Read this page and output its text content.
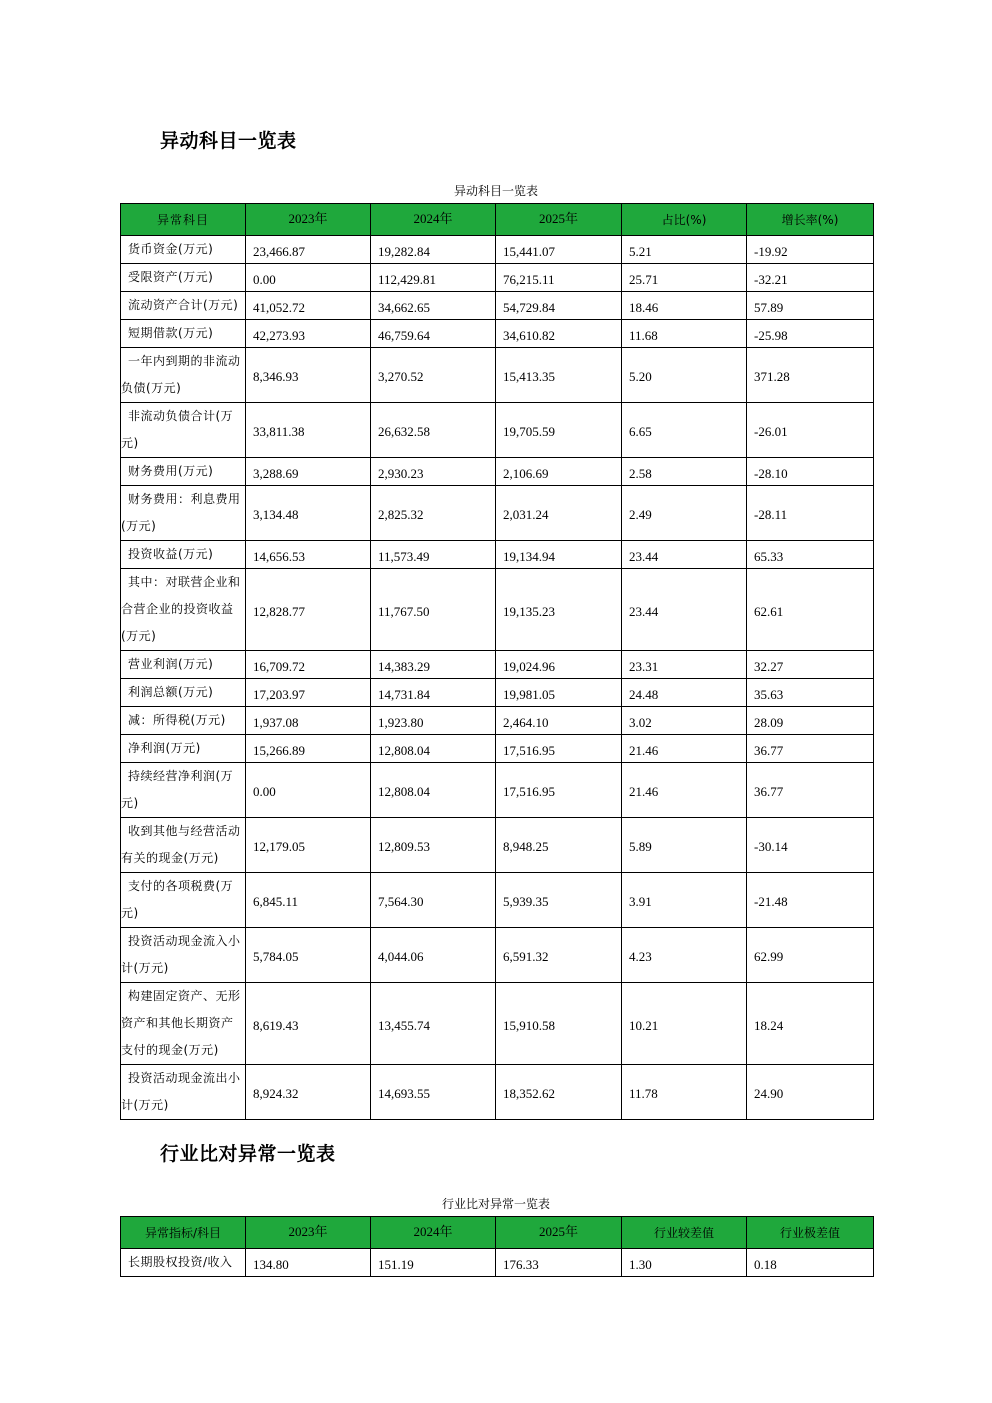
异动科目一览表
异动科目一览表
异常科目	2023年	2024年	2025年	占比(%)	增长率(%)
货币资金(万元)	23,466.87	19,282.84	15,441.07	5.21	-19.92
受限资产(万元)	0.00	112,429.81	76,215.11	25.71	-32.21
流动资产合计(万元)	41,052.72	34,662.65	54,729.84	18.46	57.89
短期借款(万元)	42,273.93	46,759.64	34,610.82	11.68	-25.98
一年内到期的非流动负债(万元)	8,346.93	3,270.52	15,413.35	5.20	371.28
非流动负债合计(万元)	33,811.38	26,632.58	19,705.59	6.65	-26.01
财务费用(万元)	3,288.69	2,930.23	2,106.69	2.58	-28.10
财务费用：利息费用(万元)	3,134.48	2,825.32	2,031.24	2.49	-28.11
投资收益(万元)	14,656.53	11,573.49	19,134.94	23.44	65.33
其中：对联营企业和合营企业的投资收益(万元)	12,828.77	11,767.50	19,135.23	23.44	62.61
营业利润(万元)	16,709.72	14,383.29	19,024.96	23.31	32.27
利润总额(万元)	17,203.97	14,731.84	19,981.05	24.48	35.63
减：所得税(万元)	1,937.08	1,923.80	2,464.10	3.02	28.09
净利润(万元)	15,266.89	12,808.04	17,516.95	21.46	36.77
持续经营净利润(万元)	0.00	12,808.04	17,516.95	21.46	36.77
收到其他与经营活动有关的现金(万元)	12,179.05	12,809.53	8,948.25	5.89	-30.14
支付的各项税费(万元)	6,845.11	7,564.30	5,939.35	3.91	-21.48
投资活动现金流入小计(万元)	5,784.05	4,044.06	6,591.32	4.23	62.99
构建固定资产、无形资产和其他长期资产支付的现金(万元)	8,619.43	13,455.74	15,910.58	10.21	18.24
投资活动现金流出小计(万元)	8,924.32	14,693.55	18,352.62	11.78	24.90
行业比对异常一览表
行业比对异常一览表
异常指标/科目	2023年	2024年	2025年	行业较差值	行业极差值
长期股权投资/收入	134.80	151.19	176.33	1.30	0.18
